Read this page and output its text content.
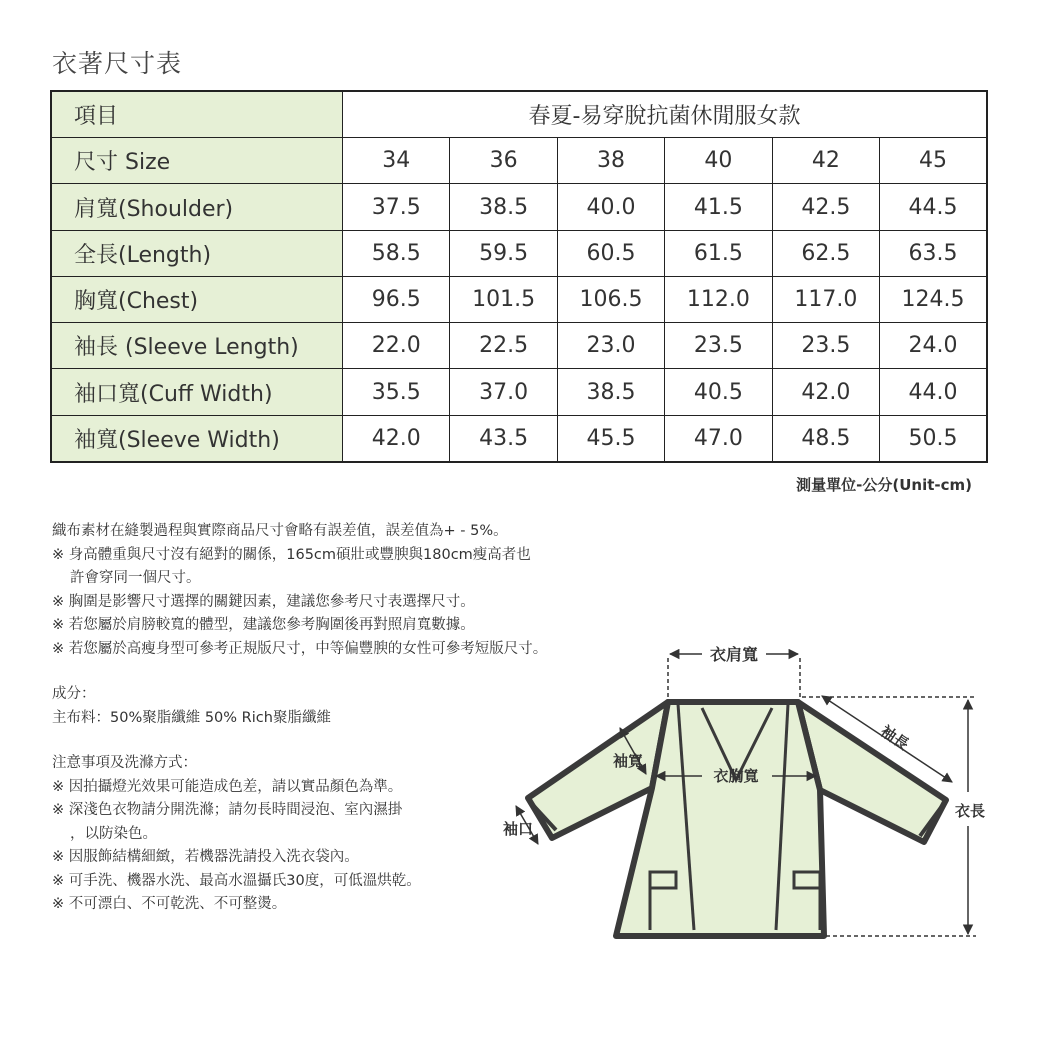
衣著尺寸表
項目	春夏-易穿脫抗菌休閒服女款					
尺寸 Size	34	36	38	40	42	45
肩寬(Shoulder)	37.5	38.5	40.0	41.5	42.5	44.5
全長(Length)	58.5	59.5	60.5	61.5	62.5	63.5
胸寬(Chest)	96.5	101.5	106.5	112.0	117.0	124.5
袖長 (Sleeve Length)	22.0	22.5	23.0	23.5	23.5	24.0
袖口寬(Cuff Width)	35.5	37.0	38.5	40.5	42.0	44.0
袖寬(Sleeve Width)	42.0	43.5	45.5	47.0	48.5	50.5
測量單位-公分(Unit-cm)
織布素材在縫製過程與實際商品尺寸會略有誤差值，誤差值為+ - 5%。
※ 身高體重與尺寸沒有絕對的關係，165cm碩壯或豐腴與180cm瘦高者也
許會穿同一個尺寸。
※ 胸圍是影響尺寸選擇的關鍵因素，建議您參考尺寸表選擇尺寸。
※ 若您屬於肩膀較寬的體型，建議您參考胸圍後再對照肩寬數據。
※ 若您屬於高瘦身型可參考正規版尺寸，中等偏豐腴的女性可參考短版尺寸。
成分：
主布料：50%聚脂纖維 50% Rich聚脂纖維
注意事項及洗滌方式：
※ 因拍攝燈光效果可能造成色差，請以實品顏色為準。
※ 深淺色衣物請分開洗滌；請勿長時間浸泡、室內濕掛
，以防染色。
※ 因服飾結構細緻，若機器洗請投入洗衣袋內。
※ 可手洗、機器水洗、最高水溫攝氏30度，可低溫烘乾。
※ 不可漂白、不可乾洗、不可整燙。
衣肩寬
袖長
袖寬
衣胸寬
袖口
衣長
